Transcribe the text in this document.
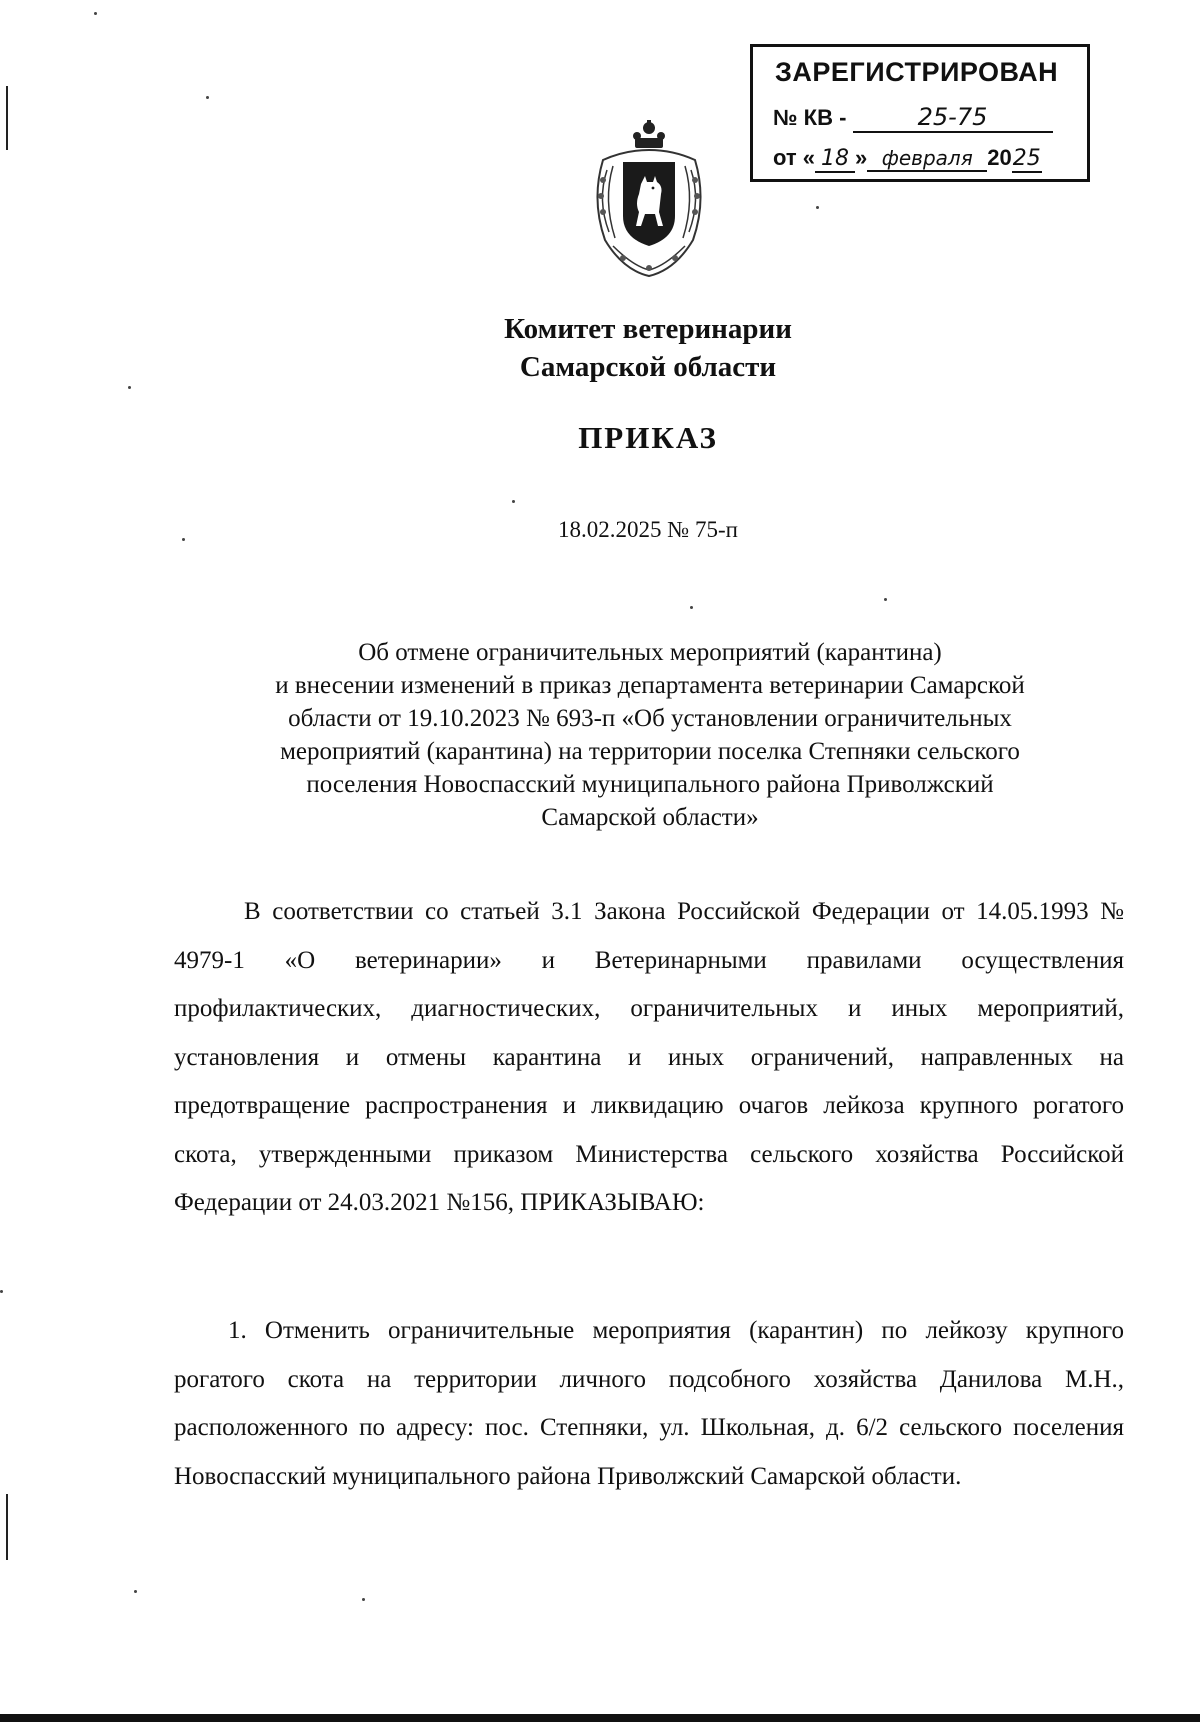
ЗАРЕГИСТРИРОВАН
№ КВ -	25-75
от « 18 » февраля 2025
Комитет ветеринарии
Самарской области
ПРИКАЗ
18.02.2025 № 75-п
Об отмене ограничительных мероприятий (карантина)
и внесении изменений в приказ департамента ветеринарии Самарской
области от 19.10.2023 № 693-п «Об установлении ограничительных
мероприятий (карантина) на территории поселка Степняки сельского
поселения Новоспасский муниципального района Приволжский
Самарской области»
В соответствии со статьей 3.1 Закона Российской Федерации от 14.05.1993 № 4979-1 «О ветеринарии» и Ветеринарными правилами осуществления профилактических, диагностических, ограничительных и иных мероприятий, установления и отмены карантина и иных ограничений, направленных на предотвращение распространения и ликвидацию очагов лейкоза крупного рогатого скота, утвержденными приказом Министерства сельского хозяйства Российской Федерации от 24.03.2021 №156, ПРИКАЗЫВАЮ:
1. Отменить ограничительные мероприятия (карантин) по лейкозу крупного рогатого скота на территории личного подсобного хозяйства Данилова М.Н., расположенного по адресу: пос. Степняки, ул. Школьная, д. 6/2 сельского поселения Новоспасский муниципального района Приволжский Самарской области.
